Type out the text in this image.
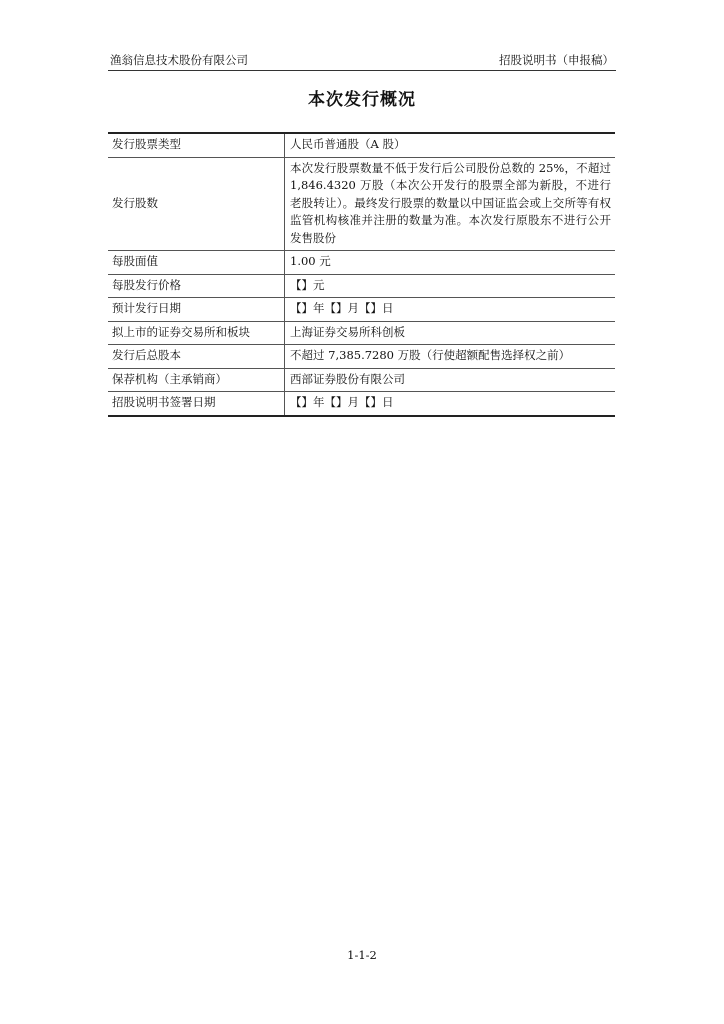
渔翁信息技术股份有限公司	招股说明书（申报稿）
本次发行概况
发行股票类型	人民币普通股（A 股）
发行股数	本次发行股票数量不低于发行后公司股份总数的 25%，不超过 1,846.4320 万股（本次公开发行的股票全部为新股，不进行老股转让）。最终发行股票的数量以中国证监会或上交所等有权监管机构核准并注册的数量为准。本次发行原股东不进行公开发售股份
每股面值	1.00 元
每股发行价格	【】元
预计发行日期	【】年【】月【】日
拟上市的证券交易所和板块	上海证券交易所科创板
发行后总股本	不超过 7,385.7280 万股（行使超额配售选择权之前）
保荐机构（主承销商）	西部证券股份有限公司
招股说明书签署日期	【】年【】月【】日
1-1-2
